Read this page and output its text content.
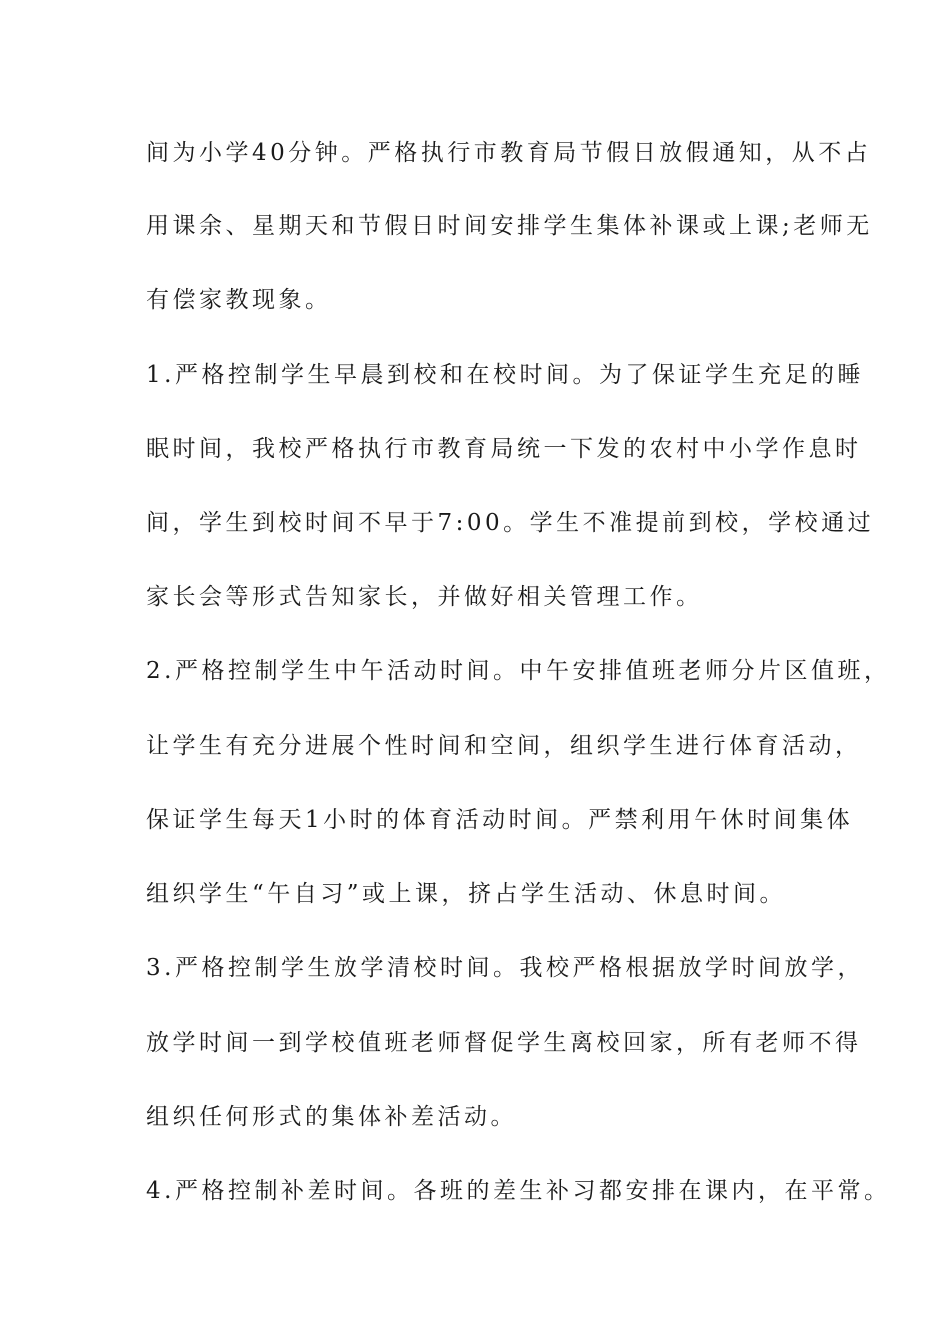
间为小学40分钟。严格执行市教育局节假日放假通知，从不占
用课余、星期天和节假日时间安排学生集体补课或上课;老师无
有偿家教现象。
1.严格控制学生早晨到校和在校时间。为了保证学生充足的睡
眠时间，我校严格执行市教育局统一下发的农村中小学作息时
间，学生到校时间不早于7:00。学生不准提前到校，学校通过
家长会等形式告知家长，并做好相关管理工作。
2.严格控制学生中午活动时间。中午安排值班老师分片区值班，
让学生有充分进展个性时间和空间，组织学生进行体育活动，
保证学生每天1小时的体育活动时间。严禁利用午休时间集体
组织学生“午自习”或上课，挤占学生活动、休息时间。
3.严格控制学生放学清校时间。我校严格根据放学时间放学，
放学时间一到学校值班老师督促学生离校回家，所有老师不得
组织任何形式的集体补差活动。
4.严格控制补差时间。各班的差生补习都安排在课内，在平常。
